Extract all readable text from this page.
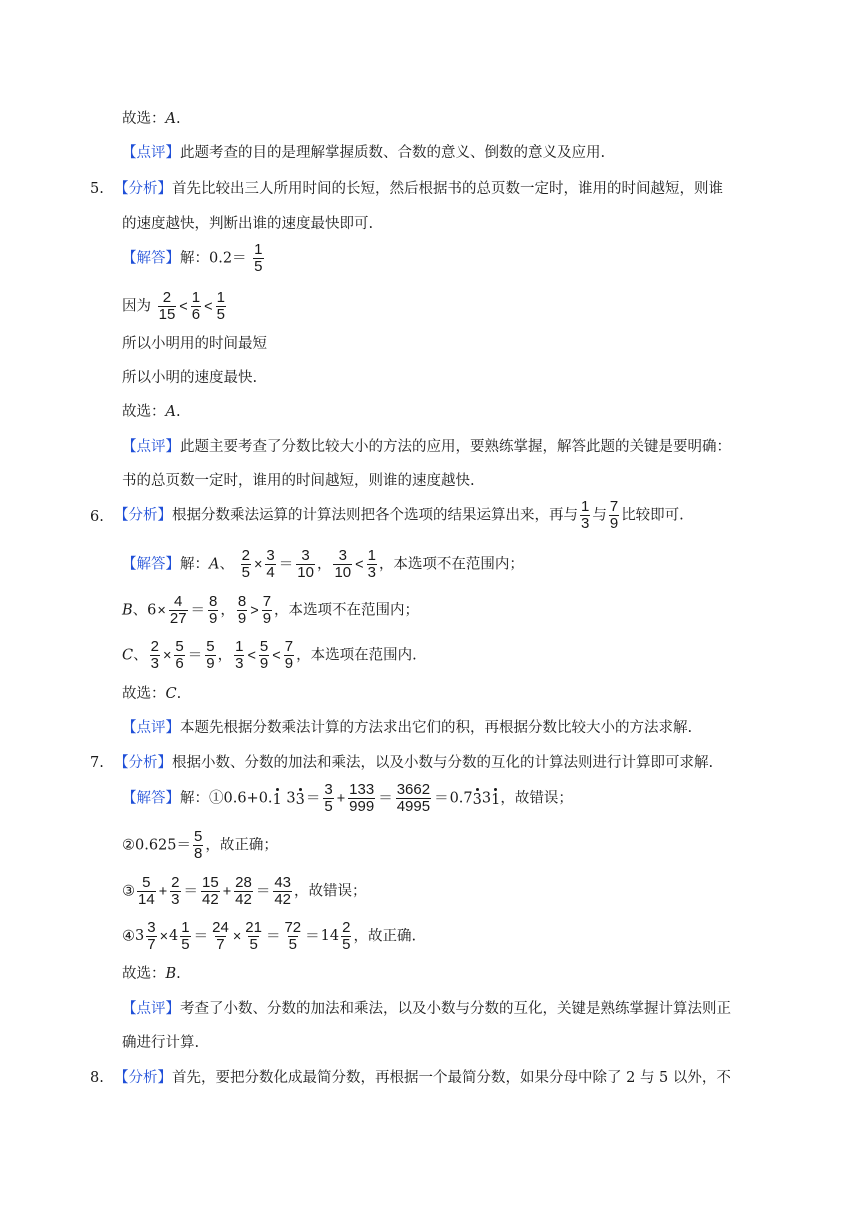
故选：A.
【点评】此题考查的目的是理解掌握质数、合数的意义、倒数的意义及应用.
5. 【分析】首先比较出三人所用时间的长短，然后根据书的总页数一定时，谁用的时间越短，则谁
的速度越快，判断出谁的速度最快即可.
【解答】解：$0.2= \frac{1}{5}$
因为 $\frac{2}{15} < \frac{1}{6} < \frac{1}{5}$
所以小明用的时间最短
所以小明的速度最快.
故选：A.
【点评】此题主要考查了分数比较大小的方法的应用，要熟练掌握，解答此题的关键是要明确：
书的总页数一定时，谁用的时间越短，则谁的速度越快.
6. 【分析】根据分数乘法运算的计算法则把各个选项的结果运算出来，再与 $\frac{1}{3}$ 与 $\frac{7}{9}$ 比较即可.
【解答】解：A、 $\frac{2}{5} \times \frac{3}{4} = \frac{3}{10}$ ， $\frac{3}{10} < \frac{1}{3}$ ，本选项不在范围内；
B、$6\times \frac{4}{27} = \frac{8}{9}$ ， $\frac{8}{9} > \frac{7}{9}$ ，本选项不在范围内；
C、 $\frac{2}{3} \times \frac{5}{6} = \frac{5}{9}$ ， $\frac{1}{3} < \frac{5}{9} < \frac{7}{9}$ ，本选项在范围内.
故选：C.
【点评】本题先根据分数乘法计算的方法求出它们的积，再根据分数比较大小的方法求解.
7. 【分析】根据小数、分数的加法和乘法，以及小数与分数的互化的计算法则进行计算即可求解.
【解答】解：①0.6+0.1 $33= \frac{3}{5} + \frac{133}{999} = \frac{3662}{4995} =0.7331$，故错误；
②0.625＝ $\frac{5}{8}$ ，故正确；
③ $\frac{5}{14} + \frac{2}{3} = \frac{15}{42} + \frac{28}{42} = \frac{43}{42}$ ，故错误；
④ 3
3
7 × 4
1
$5 = \frac{24}{7} \times \frac{21}{5} = \frac{72}{5} = 14$
2
5 ，故正确.
故选：B.
【点评】考查了小数、分数的加法和乘法，以及小数与分数的互化，关键是熟练掌握计算法则正
确进行计算.
8. 【分析】首先，要把分数化成最简分数，再根据一个最简分数，如果分母中除了 2 与 5 以外，不
